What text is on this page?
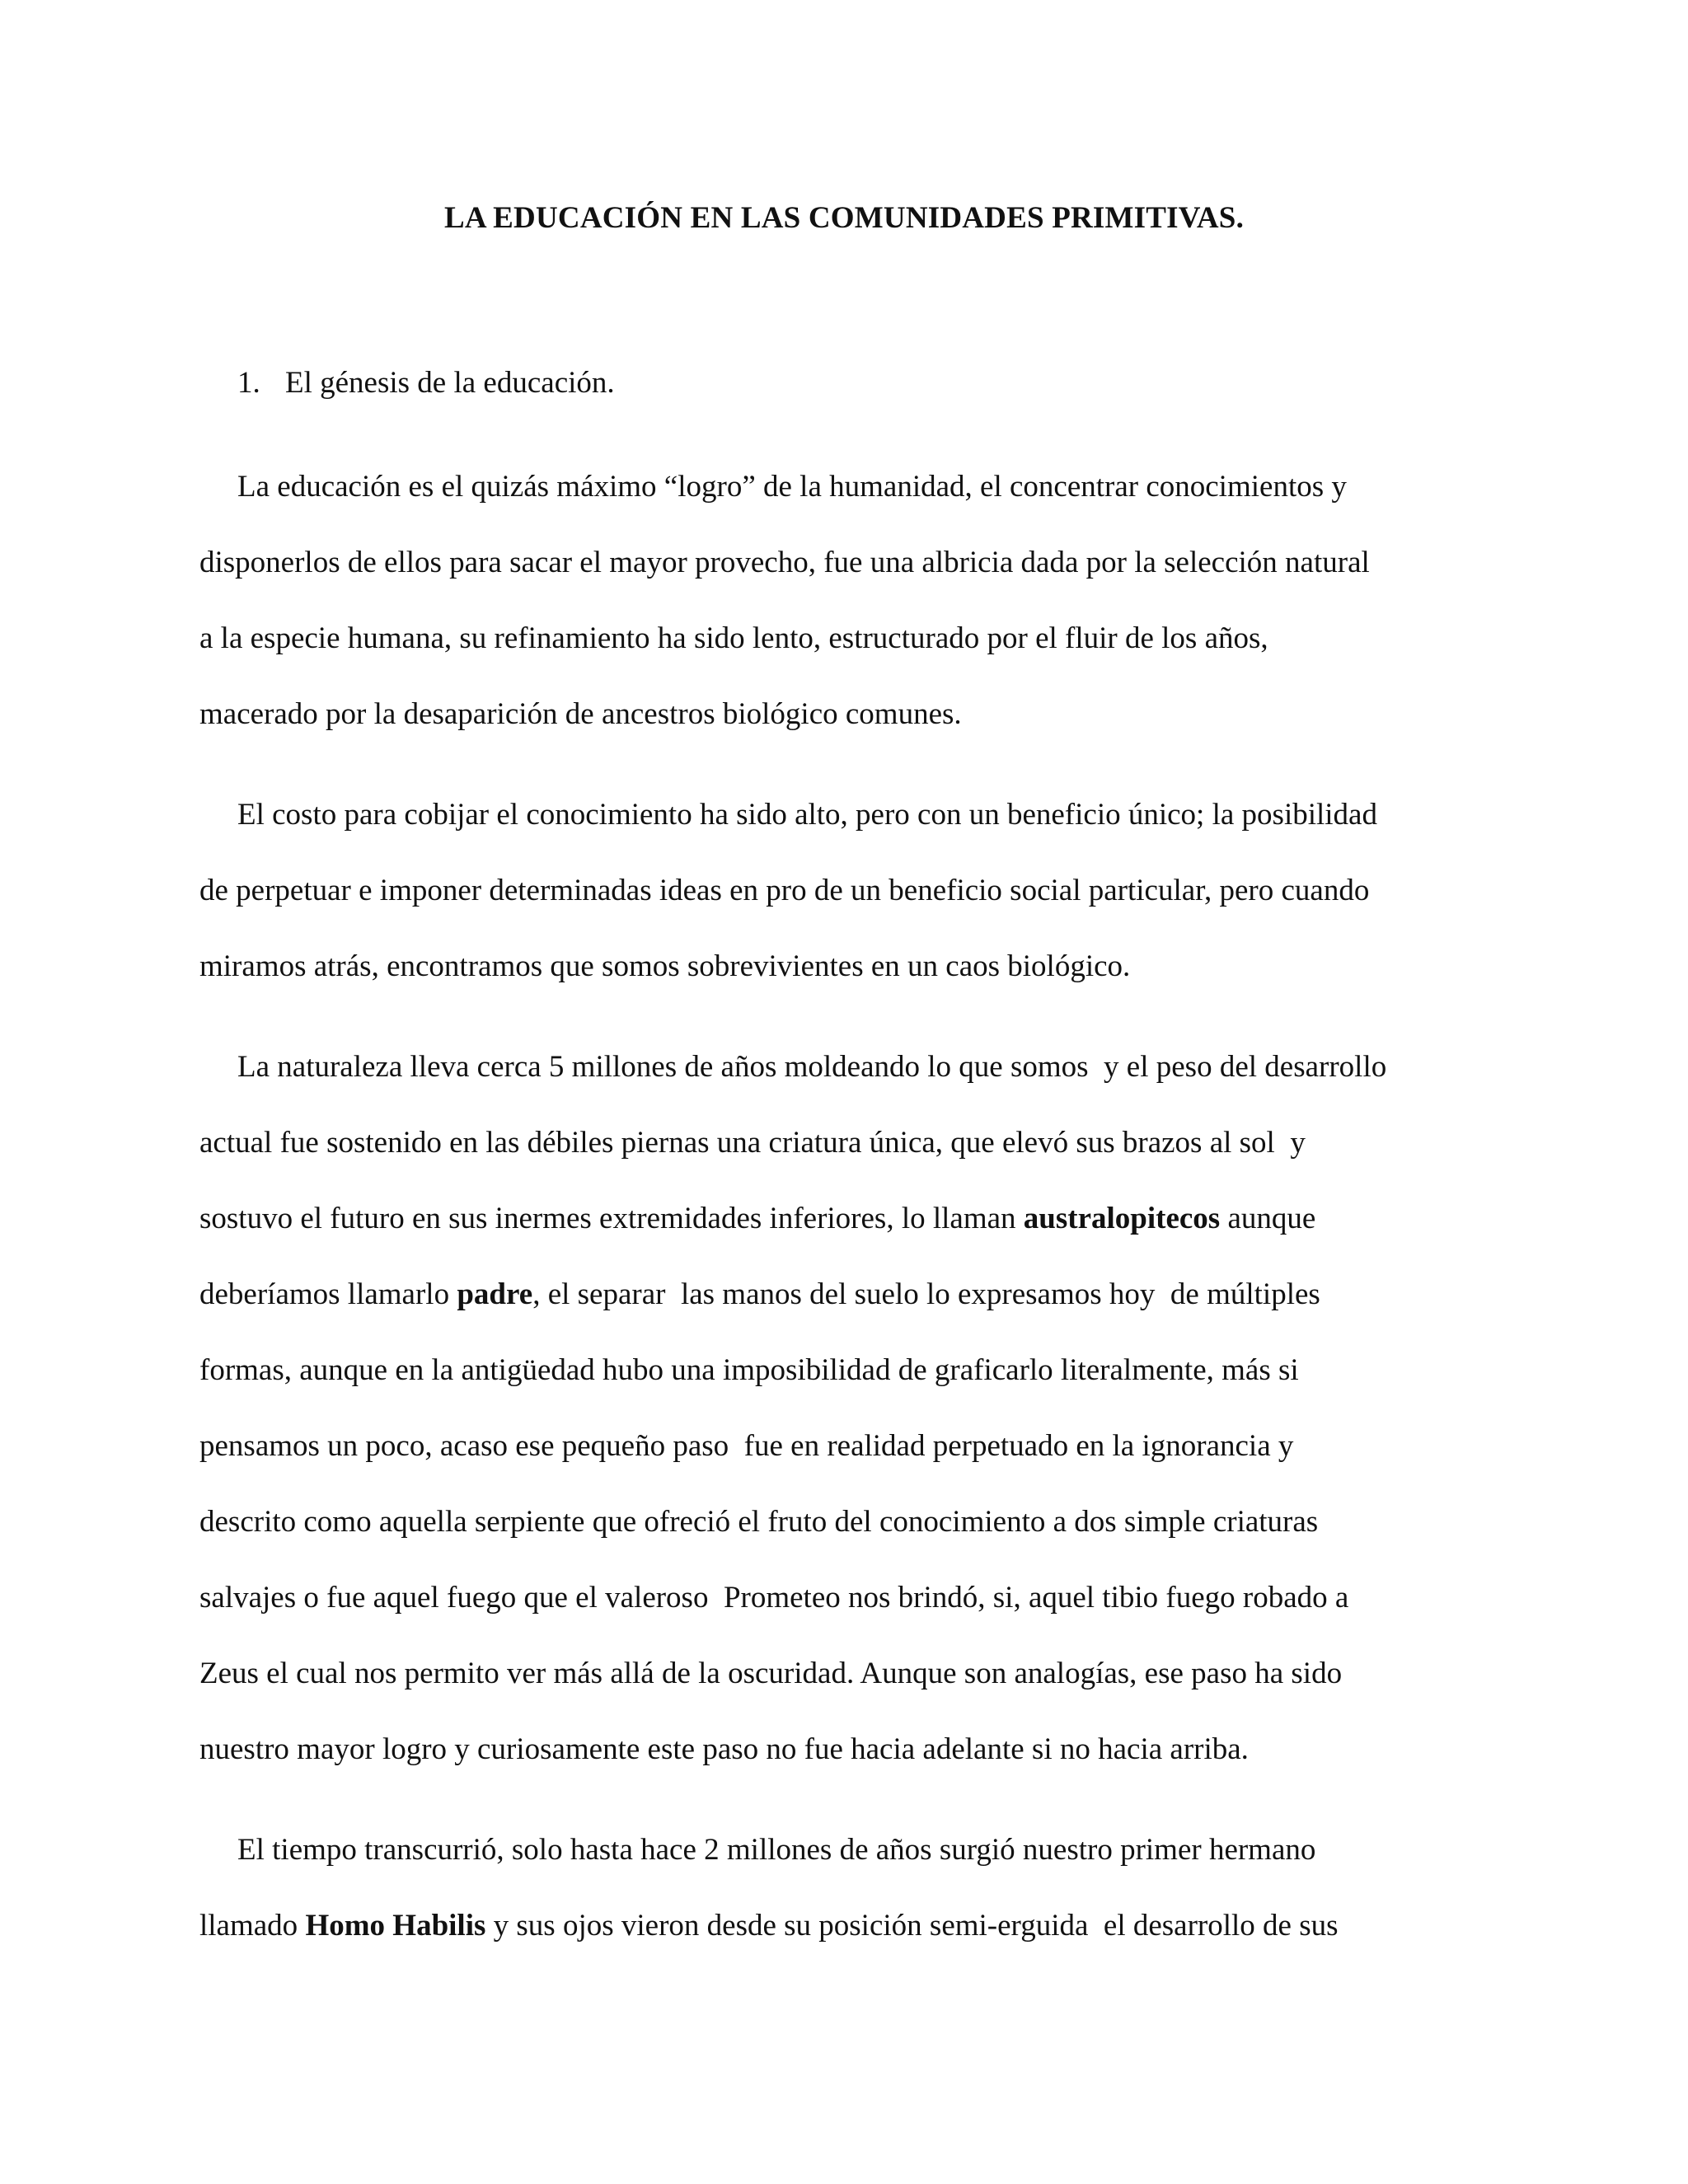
LA EDUCACIÓN EN LAS COMUNIDADES PRIMITIVAS.
1. El génesis de la educación.
La educación es el quizás máximo “logro” de la humanidad, el concentrar conocimientos y
disponerlos de ellos para sacar el mayor provecho, fue una albricia dada por la selección natural
a la especie humana, su refinamiento ha sido lento, estructurado por el fluir de los años,
macerado por la desaparición de ancestros biológico comunes.
El costo para cobijar el conocimiento ha sido alto, pero con un beneficio único; la posibilidad
de perpetuar e imponer determinadas ideas en pro de un beneficio social particular, pero cuando
miramos atrás, encontramos que somos sobrevivientes en un caos biológico.
La naturaleza lleva cerca 5 millones de años moldeando lo que somos  y el peso del desarrollo
actual fue sostenido en las débiles piernas una criatura única, que elevó sus brazos al sol  y
sostuvo el futuro en sus inermes extremidades inferiores, lo llaman australopitecos aunque
deberíamos llamarlo padre, el separar  las manos del suelo lo expresamos hoy  de múltiples
formas, aunque en la antigüedad hubo una imposibilidad de graficarlo literalmente, más si
pensamos un poco, acaso ese pequeño paso  fue en realidad perpetuado en la ignorancia y
descrito como aquella serpiente que ofreció el fruto del conocimiento a dos simple criaturas
salvajes o fue aquel fuego que el valeroso  Prometeo nos brindó, si, aquel tibio fuego robado a
Zeus el cual nos permito ver más allá de la oscuridad. Aunque son analogías, ese paso ha sido
nuestro mayor logro y curiosamente este paso no fue hacia adelante si no hacia arriba.
El tiempo transcurrió, solo hasta hace 2 millones de años surgió nuestro primer hermano
llamado Homo Habilis y sus ojos vieron desde su posición semi-erguida  el desarrollo de sus
